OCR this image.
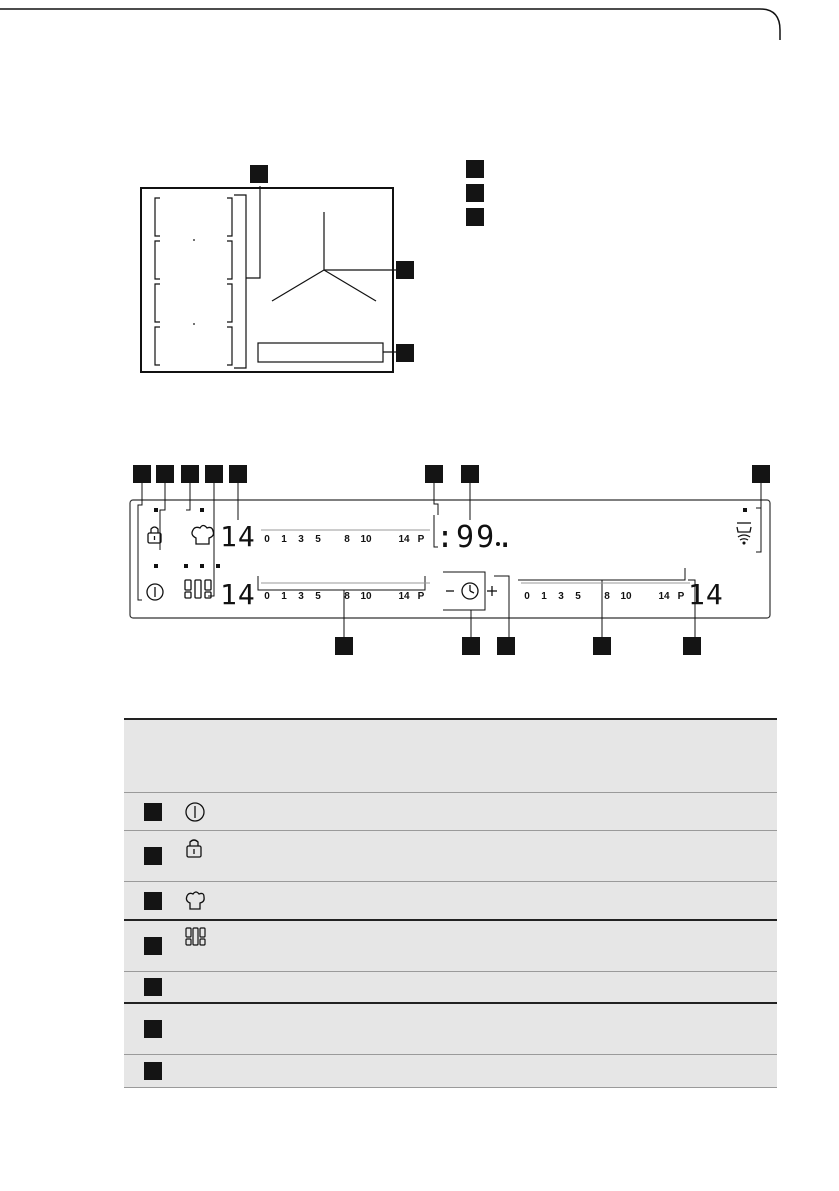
0 1 3 5 8 10	14 P
0 1 3 5 8 10	14 P	0 1 3 5 8 10	14 P
14
14	14
:99.
